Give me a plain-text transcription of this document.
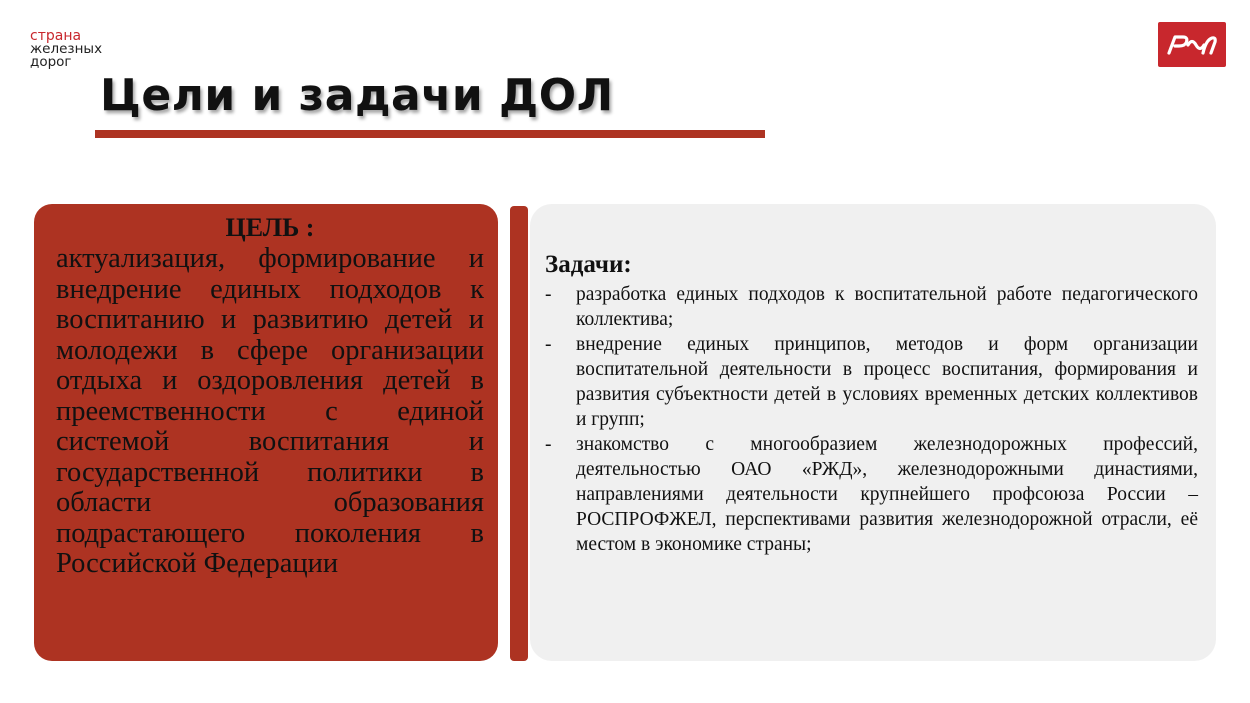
страна
железных
дорог
Цели и задачи ДОЛ
ЦЕЛЬ :

актуализация, формирование и внедрение единых подходов к воспитанию и развитию детей и молодежи в сфере организации отдыха и оздоровления детей в преемственности с единой системой воспитания и государственной политики в области образования подрастающего поколения в Российской Федерации

Задачи:
-	разработка единых подходов к воспитательной работе педагогического коллектива;
-	внедрение единых принципов, методов и форм организации воспитательной деятельности в процесс воспитания, формирования и развития субъектности детей в условиях временных детских коллективов и групп;
-	знакомство с многообразием железнодорожных профессий, деятельностью ОАО «РЖД», железнодорожными династиями, направлениями деятельности крупнейшего профсоюза России – РОСПРОФЖЕЛ, перспективами развития железнодорожной отрасли, её местом в экономике страны;
